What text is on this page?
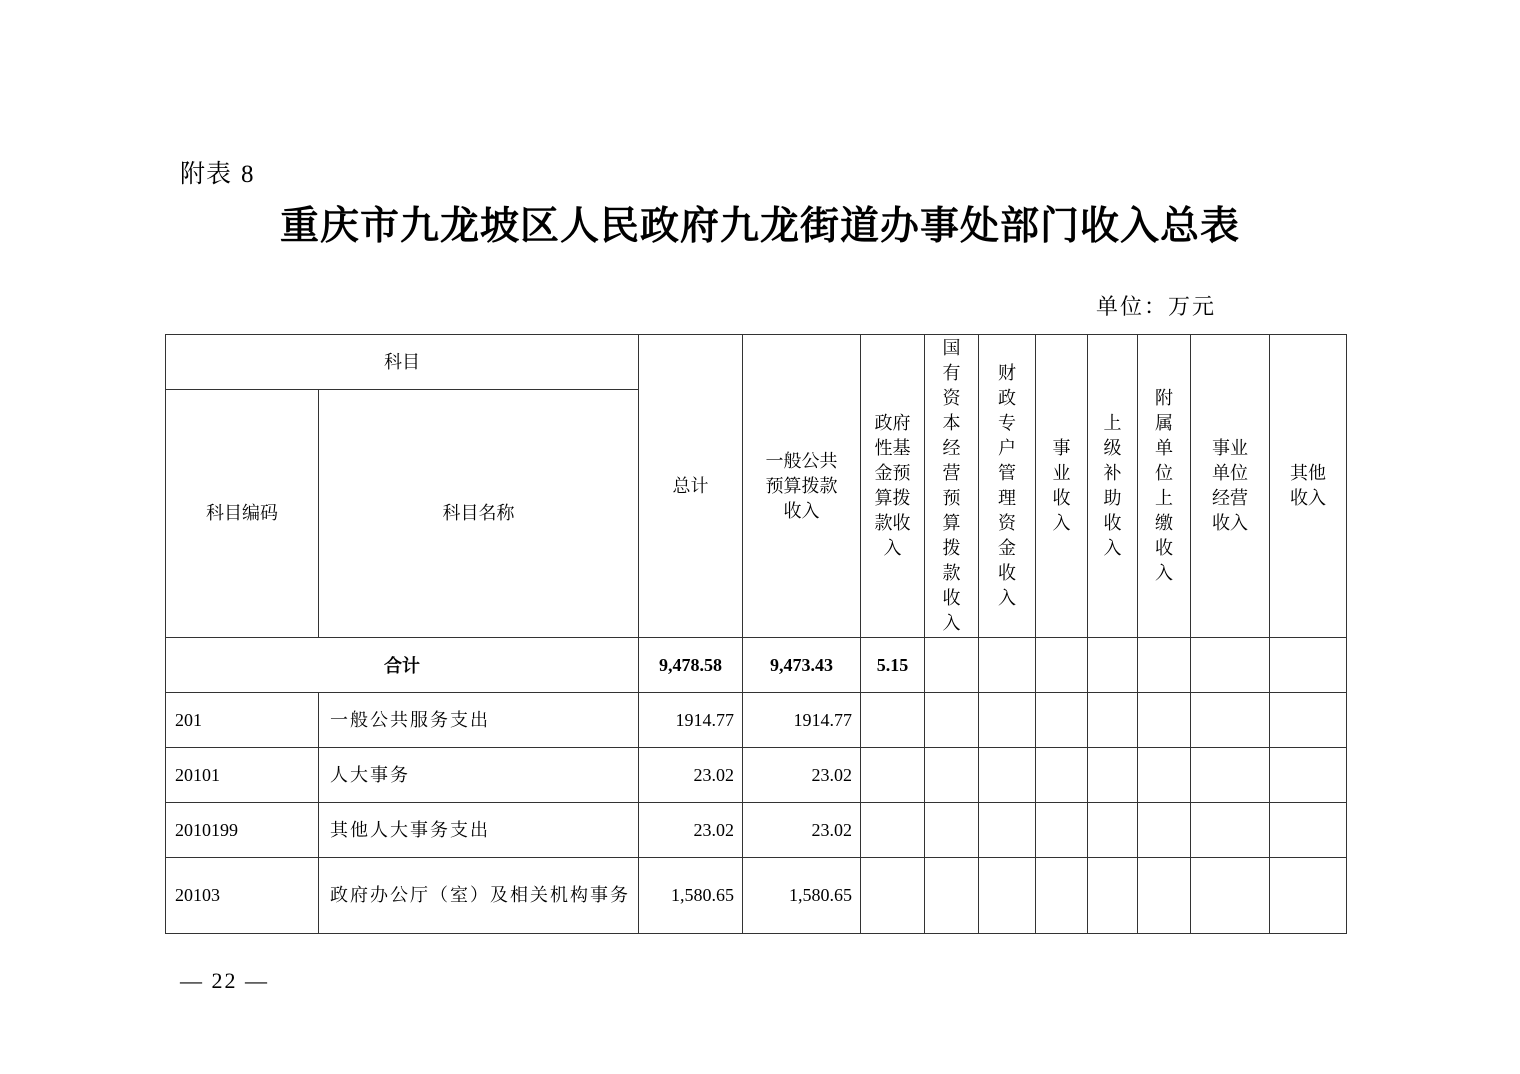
附表 8
重庆市九龙坡区人民政府九龙街道办事处部门收入总表
单位：万元
科目		总计	一般公共预算拨款收入	政府性基金预算拨款收入	国有资本经营预算拨款收入	财政专户管理资金收入	事业收入	上级补助收入	附属单位上缴收入	事业单位经营收入	其他收入
科目编码	科目名称										
合计		9,478.58	9,473.43	5.15							
201	一般公共服务支出	1914.77	1914.77								
20101	人大事务	23.02	23.02								
2010199	其他人大事务支出	23.02	23.02								
20103	政府办公厅（室）及相关机构事务	1,580.65	1,580.65								
— 22 —
